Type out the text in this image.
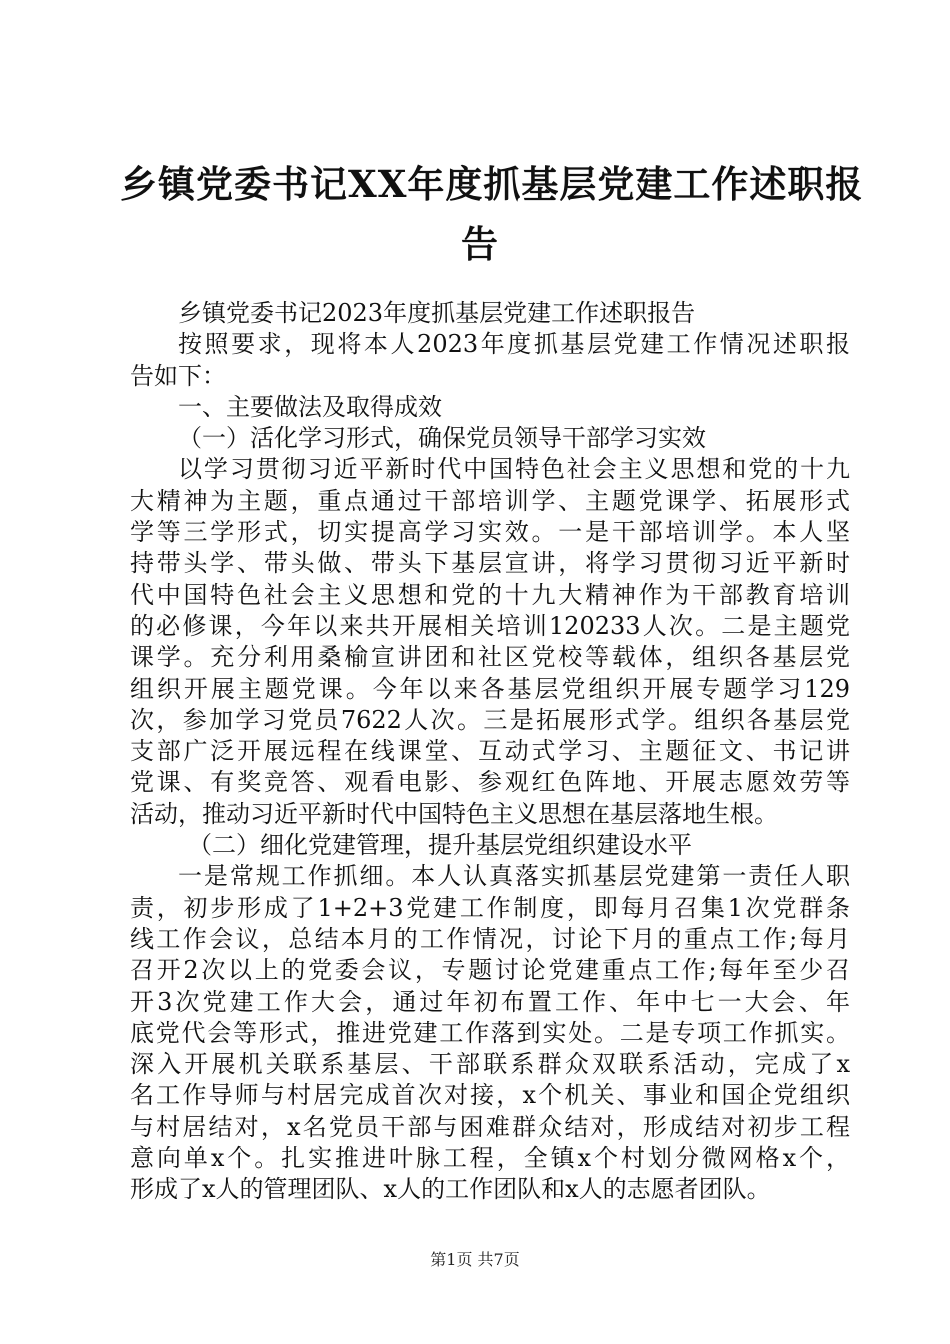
乡镇党委书记XX年度抓基层党建工作述职报
告
乡镇党委书记2023年度抓基层党建工作述职报告
按照要求，现将本人2023年度抓基层党建工作情况述职报
告如下：
一、主要做法及取得成效
（一）活化学习形式，确保党员领导干部学习实效
以学习贯彻习近平新时代中国特色社会主义思想和党的十九
大精神为主题，重点通过干部培训学、主题党课学、拓展形式
学等三学形式，切实提高学习实效。一是干部培训学。本人坚
持带头学、带头做、带头下基层宣讲，将学习贯彻习近平新时
代中国特色社会主义思想和党的十九大精神作为干部教育培训
的必修课，今年以来共开展相关培训120233人次。二是主题党
课学。充分利用桑榆宣讲团和社区党校等载体，组织各基层党
组织开展主题党课。今年以来各基层党组织开展专题学习129
次，参加学习党员7622人次。三是拓展形式学。组织各基层党
支部广泛开展远程在线课堂、互动式学习、主题征文、书记讲
党课、有奖竞答、观看电影、参观红色阵地、开展志愿效劳等
活动，推动习近平新时代中国特色主义思想在基层落地生根。
（二）细化党建管理，提升基层党组织建设水平
一是常规工作抓细。本人认真落实抓基层党建第一责任人职
责，初步形成了1+2+3党建工作制度，即每月召集1次党群条
线工作会议，总结本月的工作情况，讨论下月的重点工作;每月
召开2次以上的党委会议，专题讨论党建重点工作;每年至少召
开3次党建工作大会，通过年初布置工作、年中七一大会、年
底党代会等形式，推进党建工作落到实处。二是专项工作抓实。
深入开展机关联系基层、干部联系群众双联系活动，完成了x
名工作导师与村居完成首次对接，x个机关、事业和国企党组织
与村居结对，x名党员干部与困难群众结对，形成结对初步工程
意向单x个。扎实推进叶脉工程，全镇x个村划分微网格x个，
形成了x人的管理团队、x人的工作团队和x人的志愿者团队。
第1页 共7页
